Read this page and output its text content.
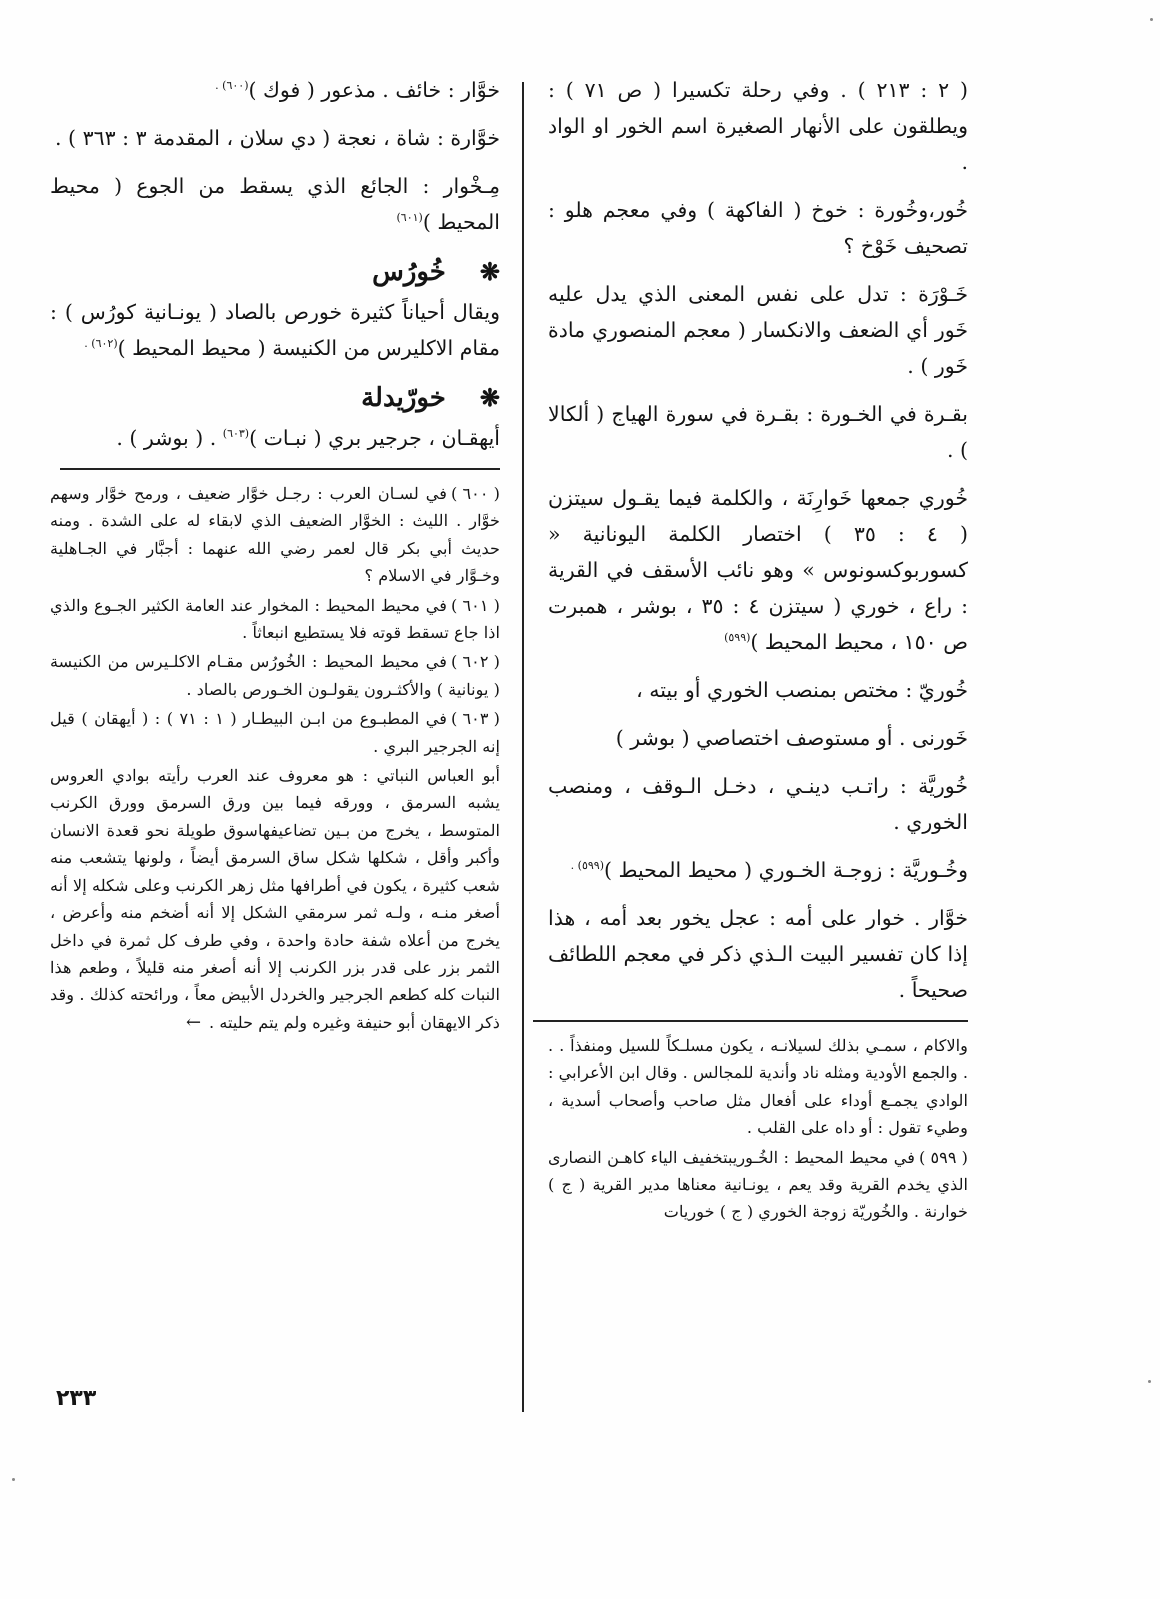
( ٢ : ٢١٣ ) . وفي رحلة تكسيرا ( ص ٧١ ) : ويطلقون على الأنهار الصغيرة اسم الخور او الواد .

خُور،وخُورة : خوخ ( الفاكهة ) وفي معجم هلو : تصحيف خَوْخ ؟

خَـوْرَة : تدل على نفس المعنى الذي يدل عليه خَور أي الضعف والانكسار ( معجم المنصوري مادة خَور ) .

بقـرة في الخـورة : بقـرة في سورة الهياج ( ألكالا ) .

خُوري جمعها خَوارِنَة ، والكلمة فيما يقـول سيتزن ( ٤ : ٣٥ ) اختصار الكلمة اليونانية « كسوربوكسونوس » وهو نائب الأسقف في القرية : راع ، خوري ( سيتزن ٤ : ٣٥ ، بوشر ، همبرت ص ١٥٠ ، محيط المحيط )$^{(٥٩٩)}$

خُوريّ : مختص بمنصب الخوري أو بيته ،

خَورنى . أو مستوصف اختصاصي ( بوشر )

خُوريَّة : راتـب دينـي ، دخـل الـوقف ، ومنصب الخوري .

وخُـوريَّة : زوجـة الخـوري ( محيط المحيط )$^{(٥٩٩) .}$

خوَّار . خوار على أمه : عجل يخور بعد أمه ، هذا إذا كان تفسير البيت الـذي ذكر في معجم اللطائف صحيحاً .

والاكام ، سمـي بذلك لسيلانـه ، يكون مسلـكاً للسيل ومنفذاً . . . والجمع الأودية ومثله ناد وأندية للمجالس . وقال ابن الأعرابي : الوادي يجمـع أوداء على أفعال مثل صاحب وأصحاب أسدية ، وطيء تقول : أو داه على القلب .

( ٥٩٩ )في محيط المحيط : الخُـوريبتخفيف الياء كاهـن النصارى الذي يخدم القرية وقد يعم ، يونـانية معناها مدير القرية ( ج ) خوارنة . والخُوريّة زوجة الخوري ( ج ) خوريات

خوَّار : خائف . مذعور ( فوك )$^{(٦٠٠) .}$

خوَّارة : شاة ، نعجة ( دي سلان ، المقدمة ٣ : ٣٦٣ ) .

مِـخْوار : الجائع الذي يسقط من الجوع ( محيط المحيط )$^{(٦٠١)}$

❋خُورُس

ويقال أحياناً كثيرة خورص بالصاد ( يونـانية كورُس ) : مقام الاكليرس من الكنيسة ( محيط المحيط )$^{(٦٠٢) .}$

❋خورّيدلة

أيهقـان ، جرجير بري ( نبـات )$^{(٦٠٣)}$ . ( بوشر ) .

( ٦٠٠ )في لسـان العرب : رجـل خوَّار ضعيف ، ورمح خوَّار وسهم خوَّار . الليث : الخوَّار الضعيف الذي لابقاء له على الشدة . ومنه حديث أبي بكر قال لعمر رضي الله عنهما : أجبَّار في الجـاهلية وخـوَّار في الاسلام ؟

( ٦٠١ )في محيط المحيط : المخوار عند العامة الكثير الجـوع والذي اذا جاع تسقط قوته فلا يستطيع انبعاثاً .

( ٦٠٢ )في محيط المحيط : الخُورُس مقـام الاكلـيرس من الكنيسة ( يونانية ) والأكثـرون يقولـون الخـورص بالصاد .

( ٦٠٣ )في المطبـوع من ابـن البيطـار ( ١ : ٧١ ) : ( أيهقان ) قيل إنه الجرجير البري .

أبو العباس النباتي : هو معروف عند العرب رأيته بوادي العروس يشبه السرمق ، وورقه فيما بين ورق السرمق وورق الكرنب المتوسط ، يخرج من بـين تضاعيفهاسوق طويلة نحو قعدة الانسان وأكبر وأقل ، شكلها شكل ساق السرمق أيضاً ، ولونها يتشعب منه شعب كثيرة ، يكون في أطرافها مثل زهر الكرنب وعلى شكله إلا أنه أصغر منـه ، ولـه ثمر سرمقي الشكل إلا أنه أضخم منه وأعرض ، يخرج من أعلاه شفة حادة واحدة ، وفي طرف كل ثمرة في داخل الثمر بزر على قدر بزر الكرنب إلا أنه أصغر منه قليلاً ، وطعم هذا النبات كله كطعم الجرجير والخردل الأبيض معاً ، ورائحته كذلك . وقد ذكر الايهقان أبو حنيفة وغيره ولم يتم حليته .←

٢٣٣
